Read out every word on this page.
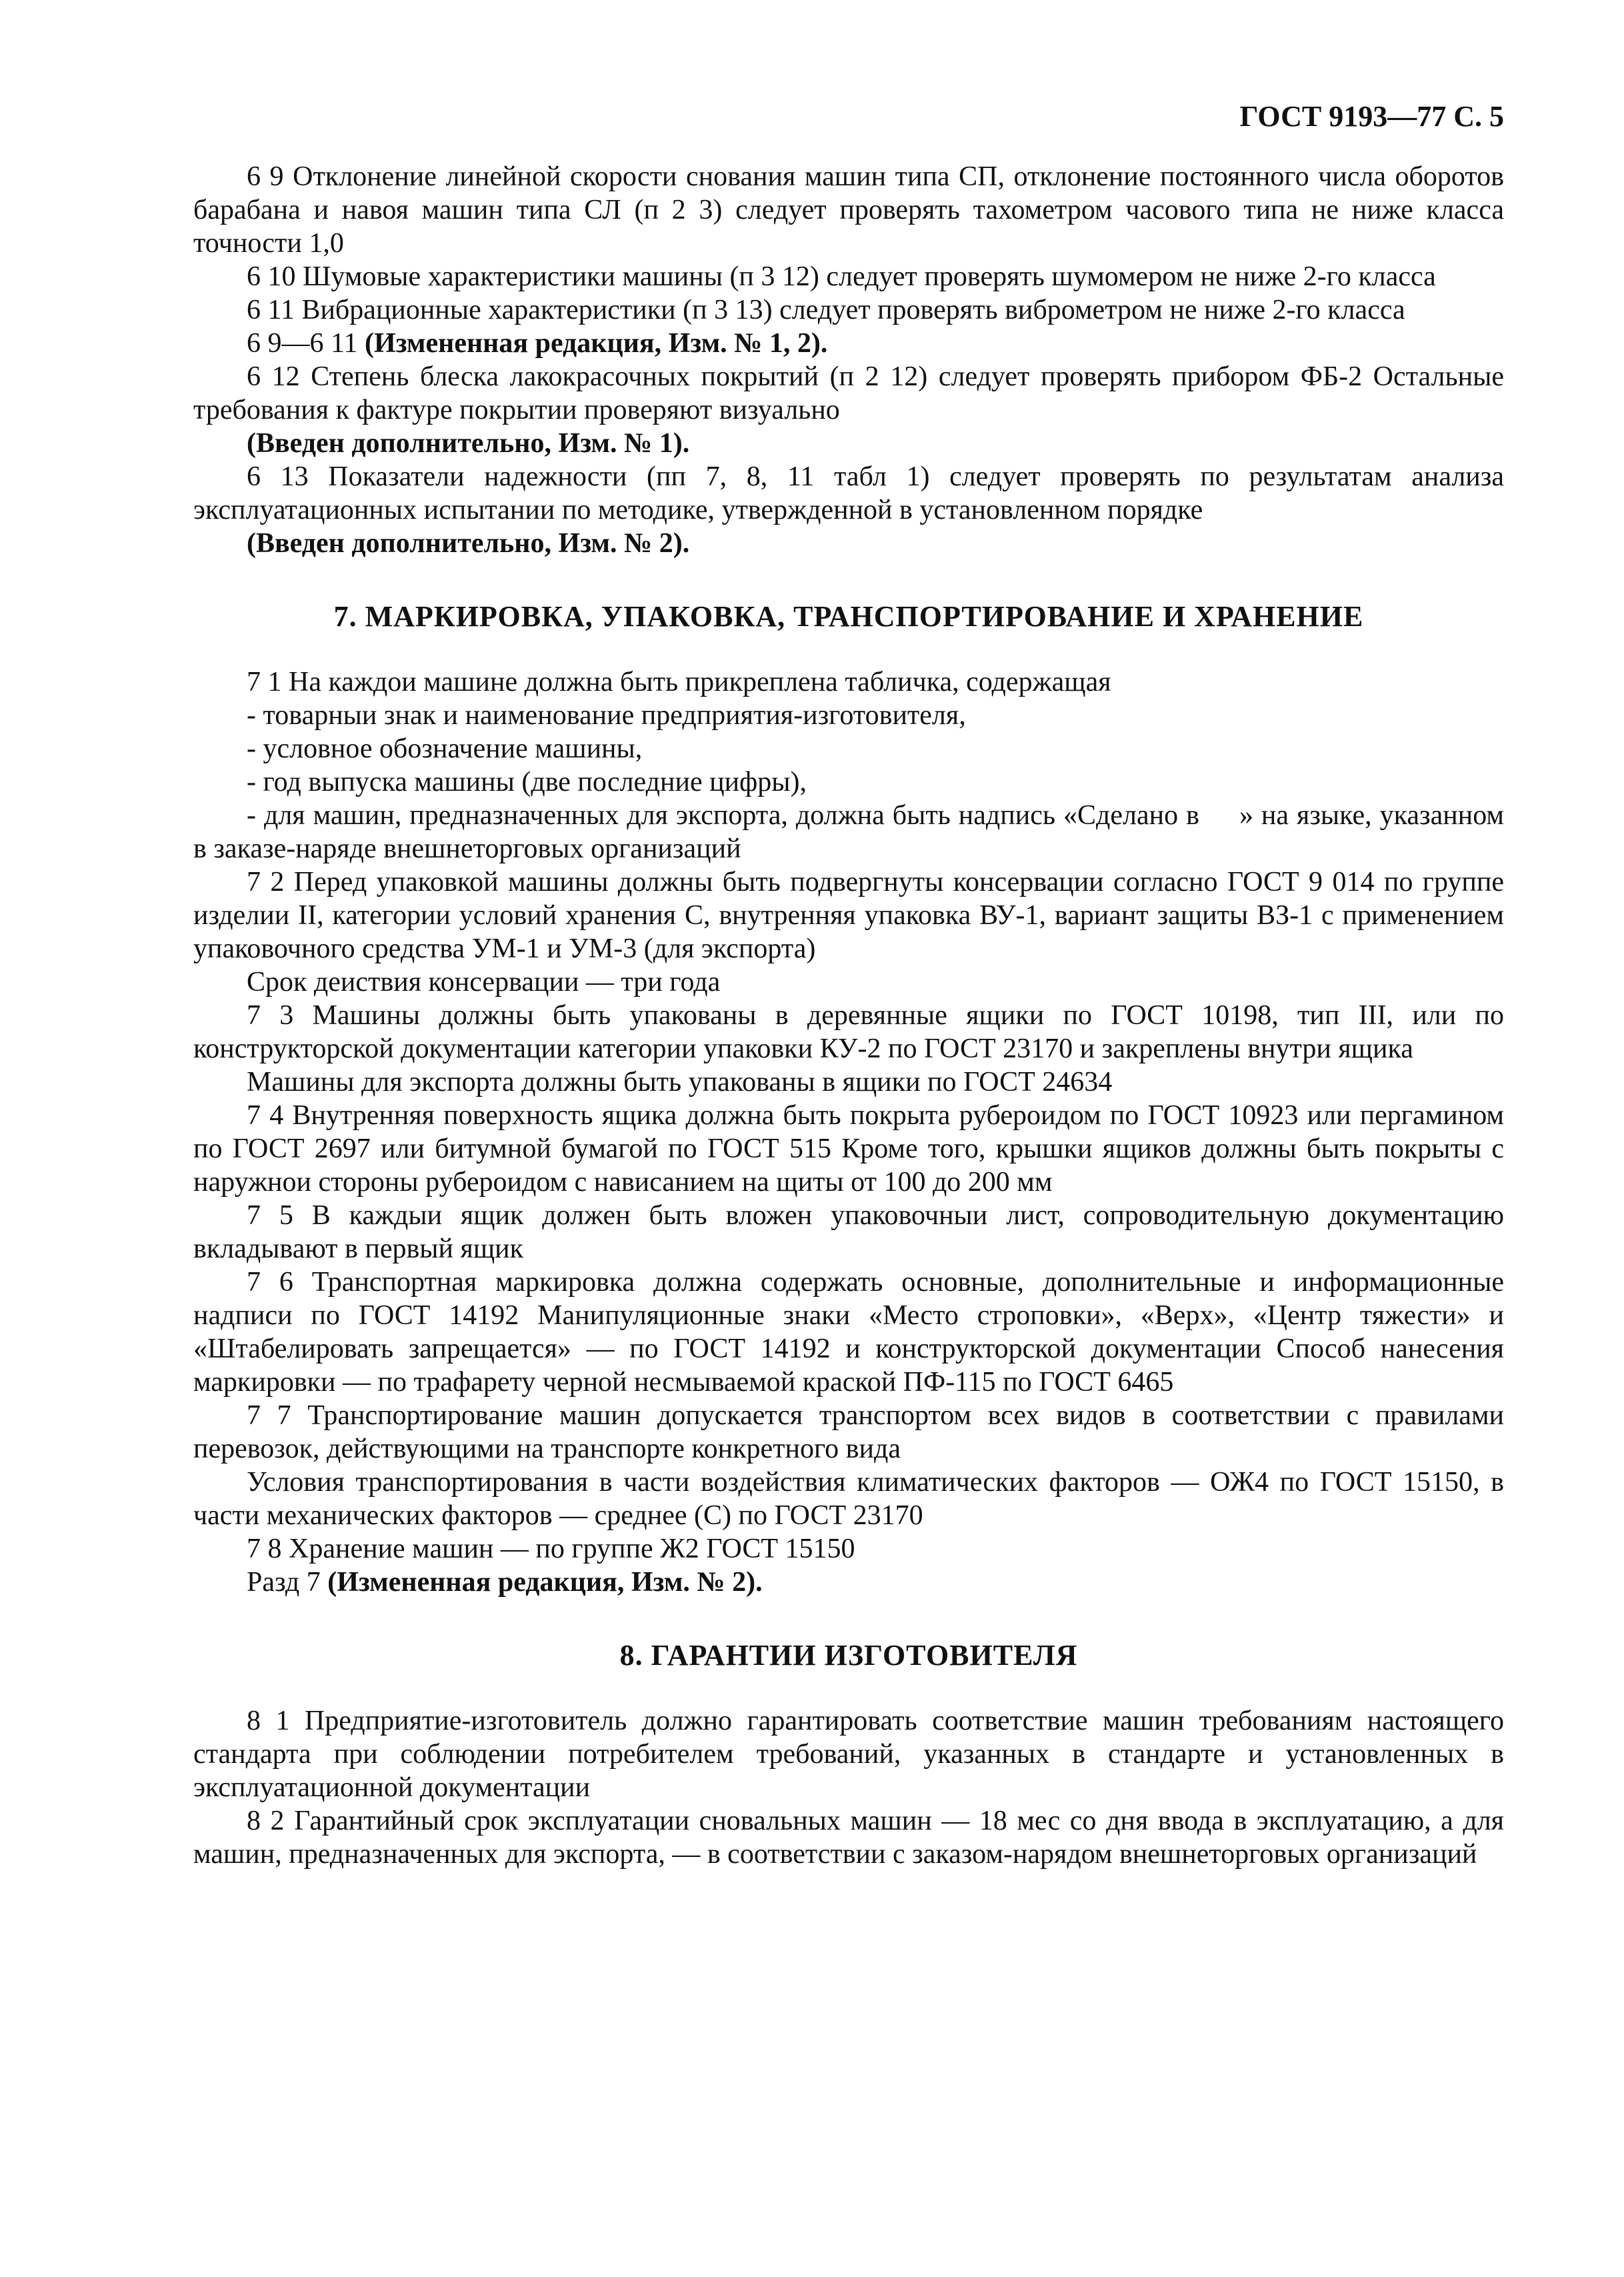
ГОСТ 9193—77 С. 5

6 9 Отклонение линейной скорости снования машин типа СП, отклонение постоянного числа оборотов барабана и навоя машин типа СЛ (п 2 3) следует проверять тахометром часового типа не ниже класса точности 1,0

6 10 Шумовые характеристики машины (п 3 12) следует проверять шумомером не ниже 2-го класса

6 11 Вибрационные характеристики (п 3 13) следует проверять виброметром не ниже 2-го класса

6 9—6 11 (Измененная редакция, Изм. № 1, 2).

6 12 Степень блеска лакокрасочных покрытий (п 2 12) следует проверять прибором ФБ-2 Остальные требования к фактуре покрытии проверяют визуально

(Введен дополнительно, Изм. № 1).

6 13 Показатели надежности (пп 7, 8, 11 табл 1) следует проверять по результатам анализа эксплуатационных испытании по методике, утвержденной в установленном порядке

(Введен дополнительно, Изм. № 2).

7. МАРКИРОВКА, УПАКОВКА, ТРАНСПОРТИРОВАНИЕ И ХРАНЕНИЕ

7 1 На каждои машине должна быть прикреплена табличка, содержащая

- товарныи знак и наименование предприятия-изготовителя,

- условное обозначение машины,

- год выпуска машины (две последние цифры),

- для машин, предназначенных для экспорта, должна быть надпись «Сделано в » на языке, указанном в заказе-наряде внешнеторговых организаций

7 2 Перед упаковкой машины должны быть подвергнуты консервации согласно ГОСТ 9 014 по группе изделии II, категории условий хранения С, внутренняя упаковка ВУ-1, вариант защиты ВЗ-1 с применением упаковочного средства УМ-1 и УМ-3 (для экспорта)

Срок деиствия консервации — три года

7 3 Машины должны быть упакованы в деревянные ящики по ГОСТ 10198, тип III, или по конструкторской документации категории упаковки КУ-2 по ГОСТ 23170 и закреплены внутри ящика

Машины для экспорта должны быть упакованы в ящики по ГОСТ 24634

7 4 Внутренняя поверхность ящика должна быть покрыта рубероидом по ГОСТ 10923 или пергамином по ГОСТ 2697 или битумной бумагой по ГОСТ 515 Кроме того, крышки ящиков должны быть покрыты с наружнои стороны рубероидом с нависанием на щиты от 100 до 200 мм

7 5 В каждыи ящик должен быть вложен упаковочныи лист, сопроводительную документацию вкладывают в первый ящик

7 6 Транспортная маркировка должна содержать основные, дополнительные и информационные надписи по ГОСТ 14192 Манипуляционные знаки «Место строповки», «Верх», «Центр тяжести» и «Штабелировать запрещается» — по ГОСТ 14192 и конструкторской документации Способ нанесения маркировки — по трафарету черной несмываемой краской ПФ-115 по ГОСТ 6465

7 7 Транспортирование машин допускается транспортом всех видов в соответствии с правилами перевозок, действующими на транспорте конкретного вида

Условия транспортирования в части воздействия климатических факторов — ОЖ4 по ГОСТ 15150, в части механических факторов — среднее (С) по ГОСТ 23170

7 8 Хранение машин — по группе Ж2 ГОСТ 15150

Разд 7 (Измененная редакция, Изм. № 2).

8. ГАРАНТИИ ИЗГОТОВИТЕЛЯ

8 1 Предприятие-изготовитель должно гарантировать соответствие машин требованиям настоящего стандарта при соблюдении потребителем требований, указанных в стандарте и установленных в эксплуатационной документации

8 2 Гарантийный срок эксплуатации сновальных машин — 18 мес со дня ввода в эксплуатацию, а для машин, предназначенных для экспорта, — в соответствии с заказом-нарядом внешнеторговых организаций
